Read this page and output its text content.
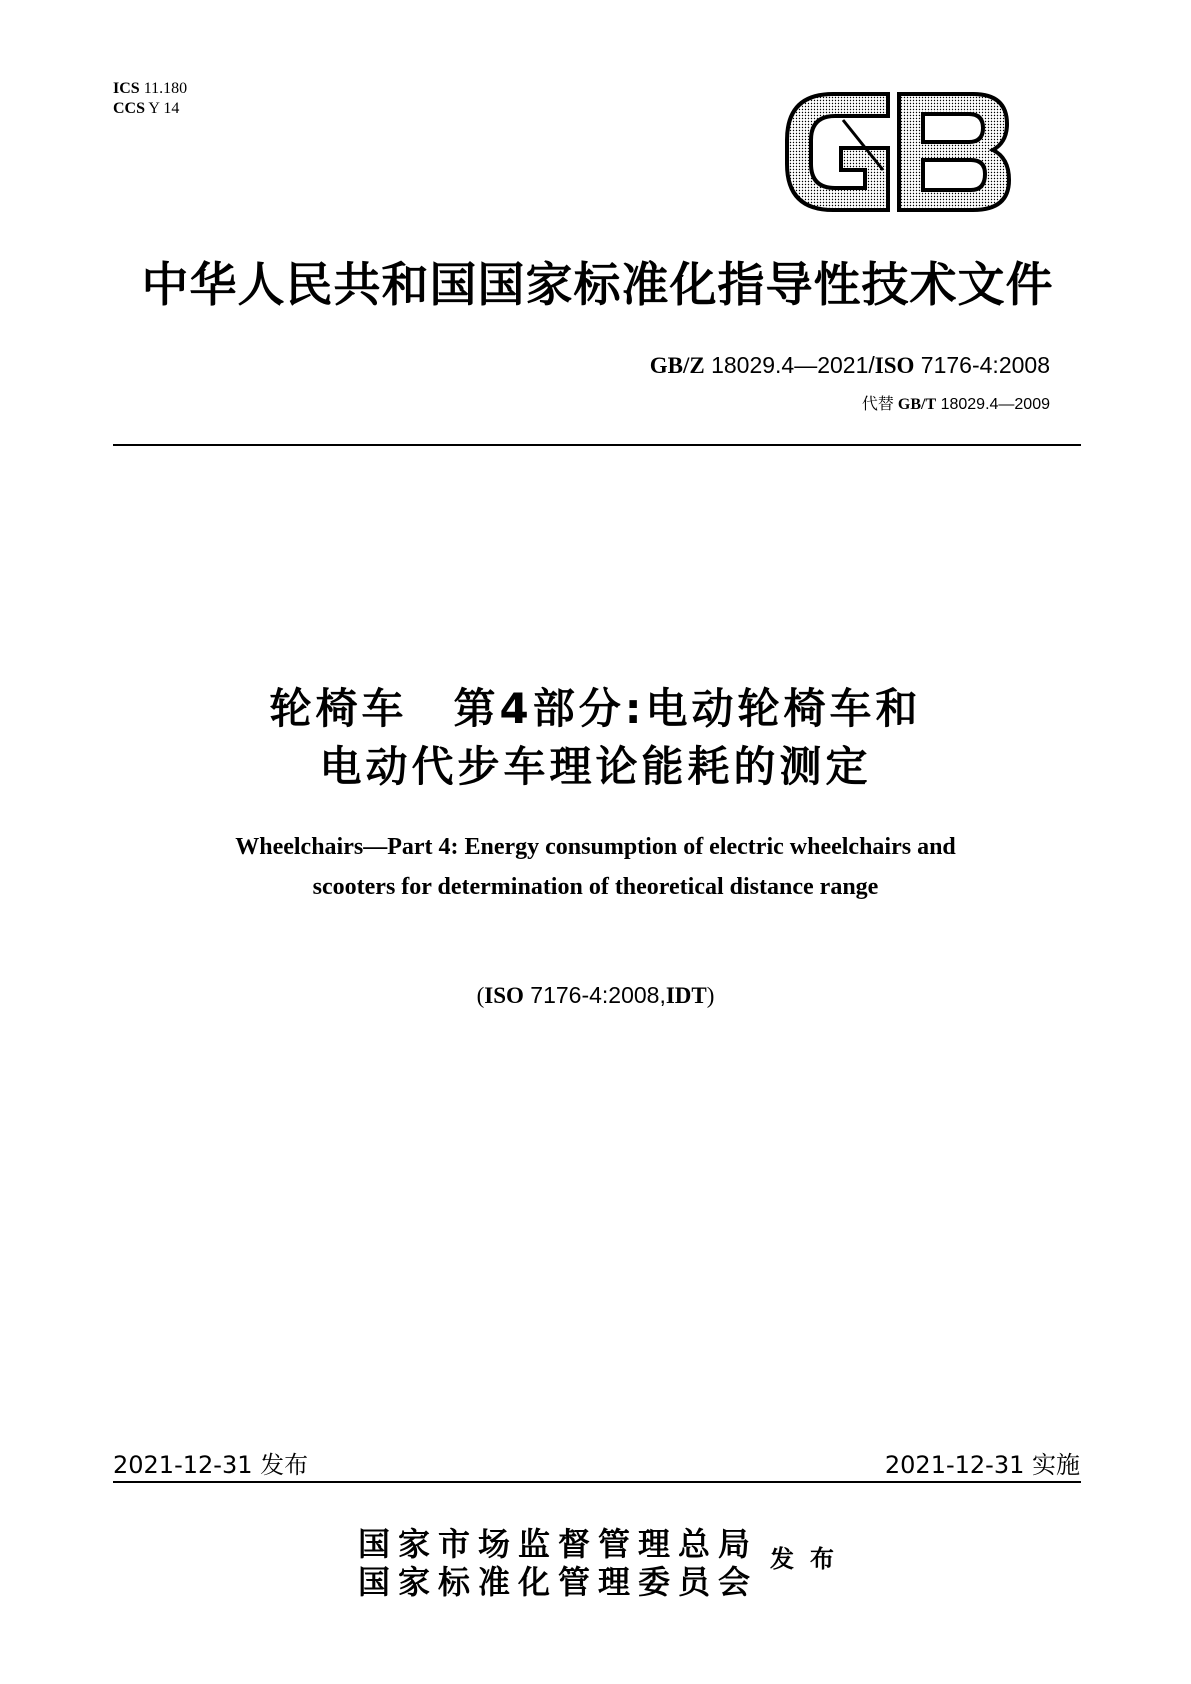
ICS 11.180
CCS Y 14
GB
中华人民共和国国家标准化指导性技术文件
GB/Z 18029.4—2021/ISO 7176-4:2008
代替 GB/T 18029.4—2009
轮椅车　第4部分:电动轮椅车和
电动代步车理论能耗的测定
Wheelchairs—Part 4: Energy consumption of electric wheelchairs and
scooters for determination of theoretical distance range
(ISO 7176-4:2008,IDT)
2021-12-31 发布	2021-12-31 实施
国家市场监督管理总局
国家标准化管理委员会
发布
